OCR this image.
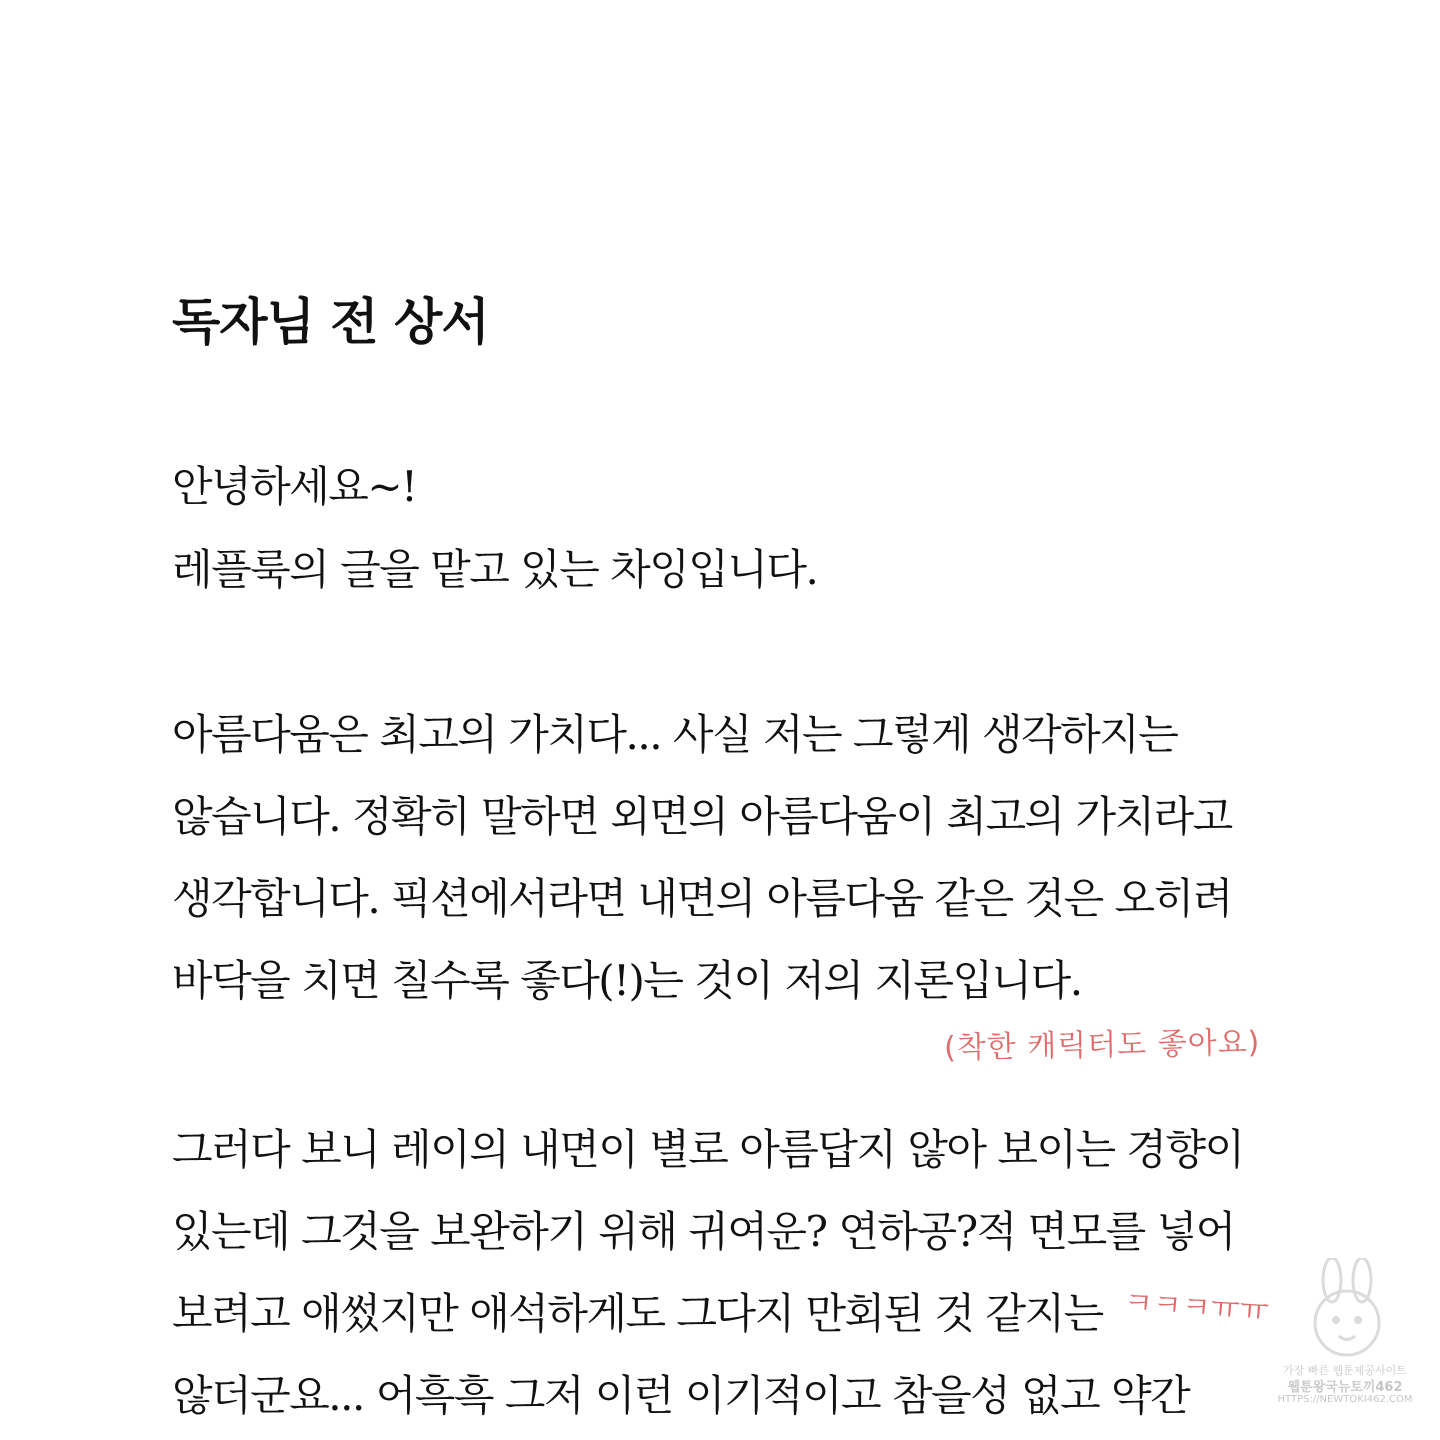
독자님 전 상서
안녕하세요~!
레플룩의 글을 맡고 있는 차잉입니다.
아름다움은 최고의 가치다... 사실 저는 그렇게 생각하지는
않습니다. 정확히 말하면 외면의 아름다움이 최고의 가치라고
생각합니다. 픽션에서라면 내면의 아름다움 같은 것은 오히려
바닥을 치면 칠수록 좋다(!)는 것이 저의 지론입니다.
(착한 캐릭터도 좋아요)
그러다 보니 레이의 내면이 별로 아름답지 않아 보이는 경향이
있는데 그것을 보완하기 위해 귀여운? 연하공?적 면모를 넣어
보려고 애썼지만 애석하게도 그다지 만회된 것 같지는
않더군요... 어흑흑 그저 이런 이기적이고 참을성 없고 약간
ㅋㅋㅋㅠㅠ
가장 빠른 웹툰제공사이트
웹툰왕국뉴토끼462
HTTPS://NEWTOKI462.COM
